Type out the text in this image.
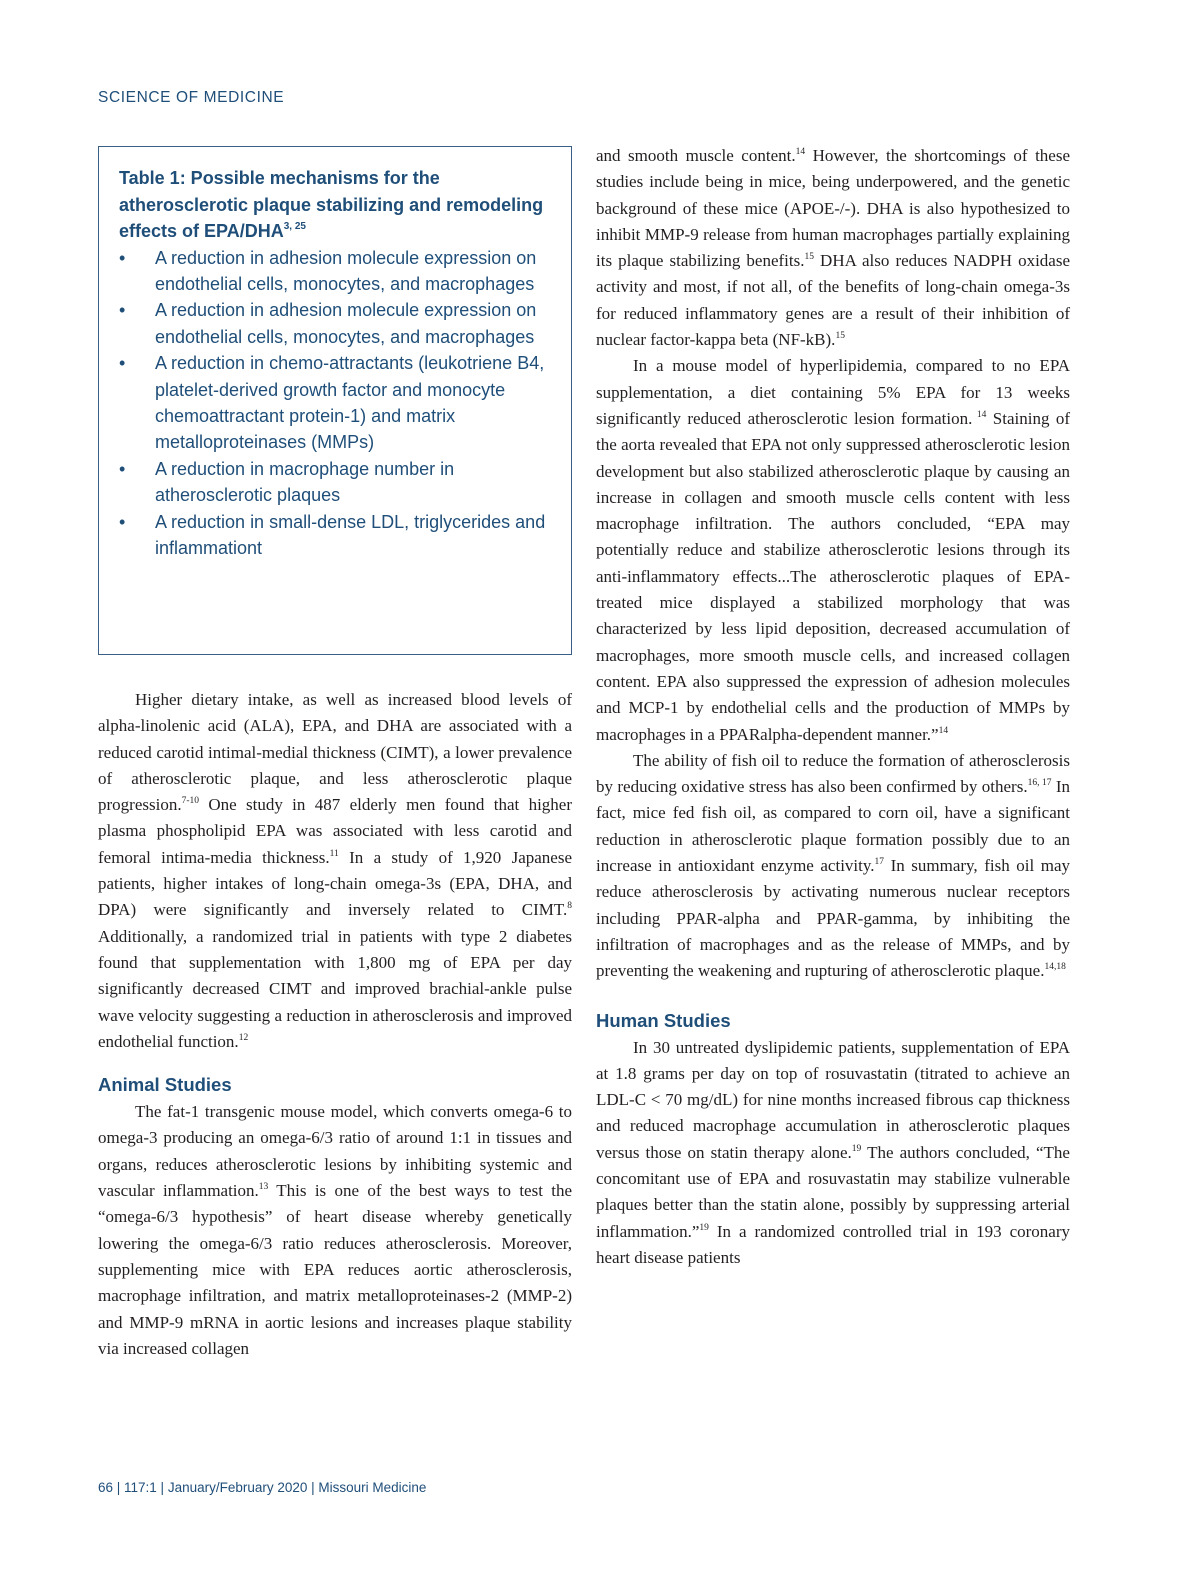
SCIENCE OF MEDICINE

Table 1: Possible mechanisms for the atherosclerotic plaque stabilizing and remodeling effects of EPA/DHA$^{3, 25}$

• A reduction in adhesion molecule expression on endothelial cells, monocytes, and macrophages
• A reduction in adhesion molecule expression on endothelial cells, monocytes, and macrophages
• A reduction in chemo-attractants (leukotriene B4, platelet-derived growth factor and monocyte chemoattractant protein-1) and matrix metalloproteinases (MMPs)
• A reduction in macrophage number in atherosclerotic plaques
• A reduction in small-dense LDL, triglycerides and inflammationt

Higher dietary intake, as well as increased blood levels of alpha-linolenic acid (ALA), EPA, and DHA are associated with a reduced carotid intimal-medial thickness (CIMT), a lower prevalence of atherosclerotic plaque, and less atherosclerotic plaque progression.$^{7-10}$ One study in 487 elderly men found that higher plasma phospholipid EPA was associated with less carotid and femoral intima-media thickness.$^{11}$ In a study of 1,920 Japanese patients, higher intakes of long-chain omega-3s (EPA, DHA, and DPA) were significantly and inversely related to CIMT.$^8$ Additionally, a randomized trial in patients with type 2 diabetes found that supplementation with 1,800 mg of EPA per day significantly decreased CIMT and improved brachial-ankle pulse wave velocity suggesting a reduction in atherosclerosis and improved endothelial function.$^{12}$

Animal Studies

The fat-1 transgenic mouse model, which converts omega-6 to omega-3 producing an omega-6/3 ratio of around 1:1 in tissues and organs, reduces atherosclerotic lesions by inhibiting systemic and vascular inflammation.$^{13}$ This is one of the best ways to test the “omega-6/3 hypothesis” of heart disease whereby genetically lowering the omega-6/3 ratio reduces atherosclerosis. Moreover, supplementing mice with EPA reduces aortic atherosclerosis, macrophage infiltration, and matrix metalloproteinases-2 (MMP-2) and MMP-9 mRNA in aortic lesions and increases plaque stability via increased collagen

and smooth muscle content.$^{14}$ However, the shortcomings of these studies include being in mice, being underpowered, and the genetic background of these mice (APOE-/-). DHA is also hypothesized to inhibit MMP-9 release from human macrophages partially explaining its plaque stabilizing benefits.$^{15}$ DHA also reduces NADPH oxidase activity and most, if not all, of the benefits of long-chain omega-3s for reduced inflammatory genes are a result of their inhibition of nuclear factor-kappa beta (NF-kB).$^{15}$

In a mouse model of hyperlipidemia, compared to no EPA supplementation, a diet containing 5% EPA for 13 weeks significantly reduced atherosclerotic lesion formation. $^{14}$ Staining of the aorta revealed that EPA not only suppressed atherosclerotic lesion development but also stabilized atherosclerotic plaque by causing an increase in collagen and smooth muscle cells content with less macrophage infiltration. The authors concluded, “EPA may potentially reduce and stabilize atherosclerotic lesions through its anti-inflammatory effects...The atherosclerotic plaques of EPA-treated mice displayed a stabilized morphology that was characterized by less lipid deposition, decreased accumulation of macrophages, more smooth muscle cells, and increased collagen content. EPA also suppressed the expression of adhesion molecules and MCP-1 by endothelial cells and the production of MMPs by macrophages in a PPARalpha-dependent manner.”$^{14}$

The ability of fish oil to reduce the formation of atherosclerosis by reducing oxidative stress has also been confirmed by others.$^{16, 17}$ In fact, mice fed fish oil, as compared to corn oil, have a significant reduction in atherosclerotic plaque formation possibly due to an increase in antioxidant enzyme activity.$^{17}$ In summary, fish oil may reduce atherosclerosis by activating numerous nuclear receptors including PPAR-alpha and PPAR-gamma, by inhibiting the infiltration of macrophages and as the release of MMPs, and by preventing the weakening and rupturing of atherosclerotic plaque.$^{14,18}$

Human Studies

In 30 untreated dyslipidemic patients, supplementation of EPA at 1.8 grams per day on top of rosuvastatin (titrated to achieve an LDL-C < 70 mg/dL) for nine months increased fibrous cap thickness and reduced macrophage accumulation in atherosclerotic plaques versus those on statin therapy alone.$^{19}$ The authors concluded, “The concomitant use of EPA and rosuvastatin may stabilize vulnerable plaques better than the statin alone, possibly by suppressing arterial inflammation.”$^{19}$ In a randomized controlled trial in 193 coronary heart disease patients

66 | 117:1 | January/February 2020 | Missouri Medicine
